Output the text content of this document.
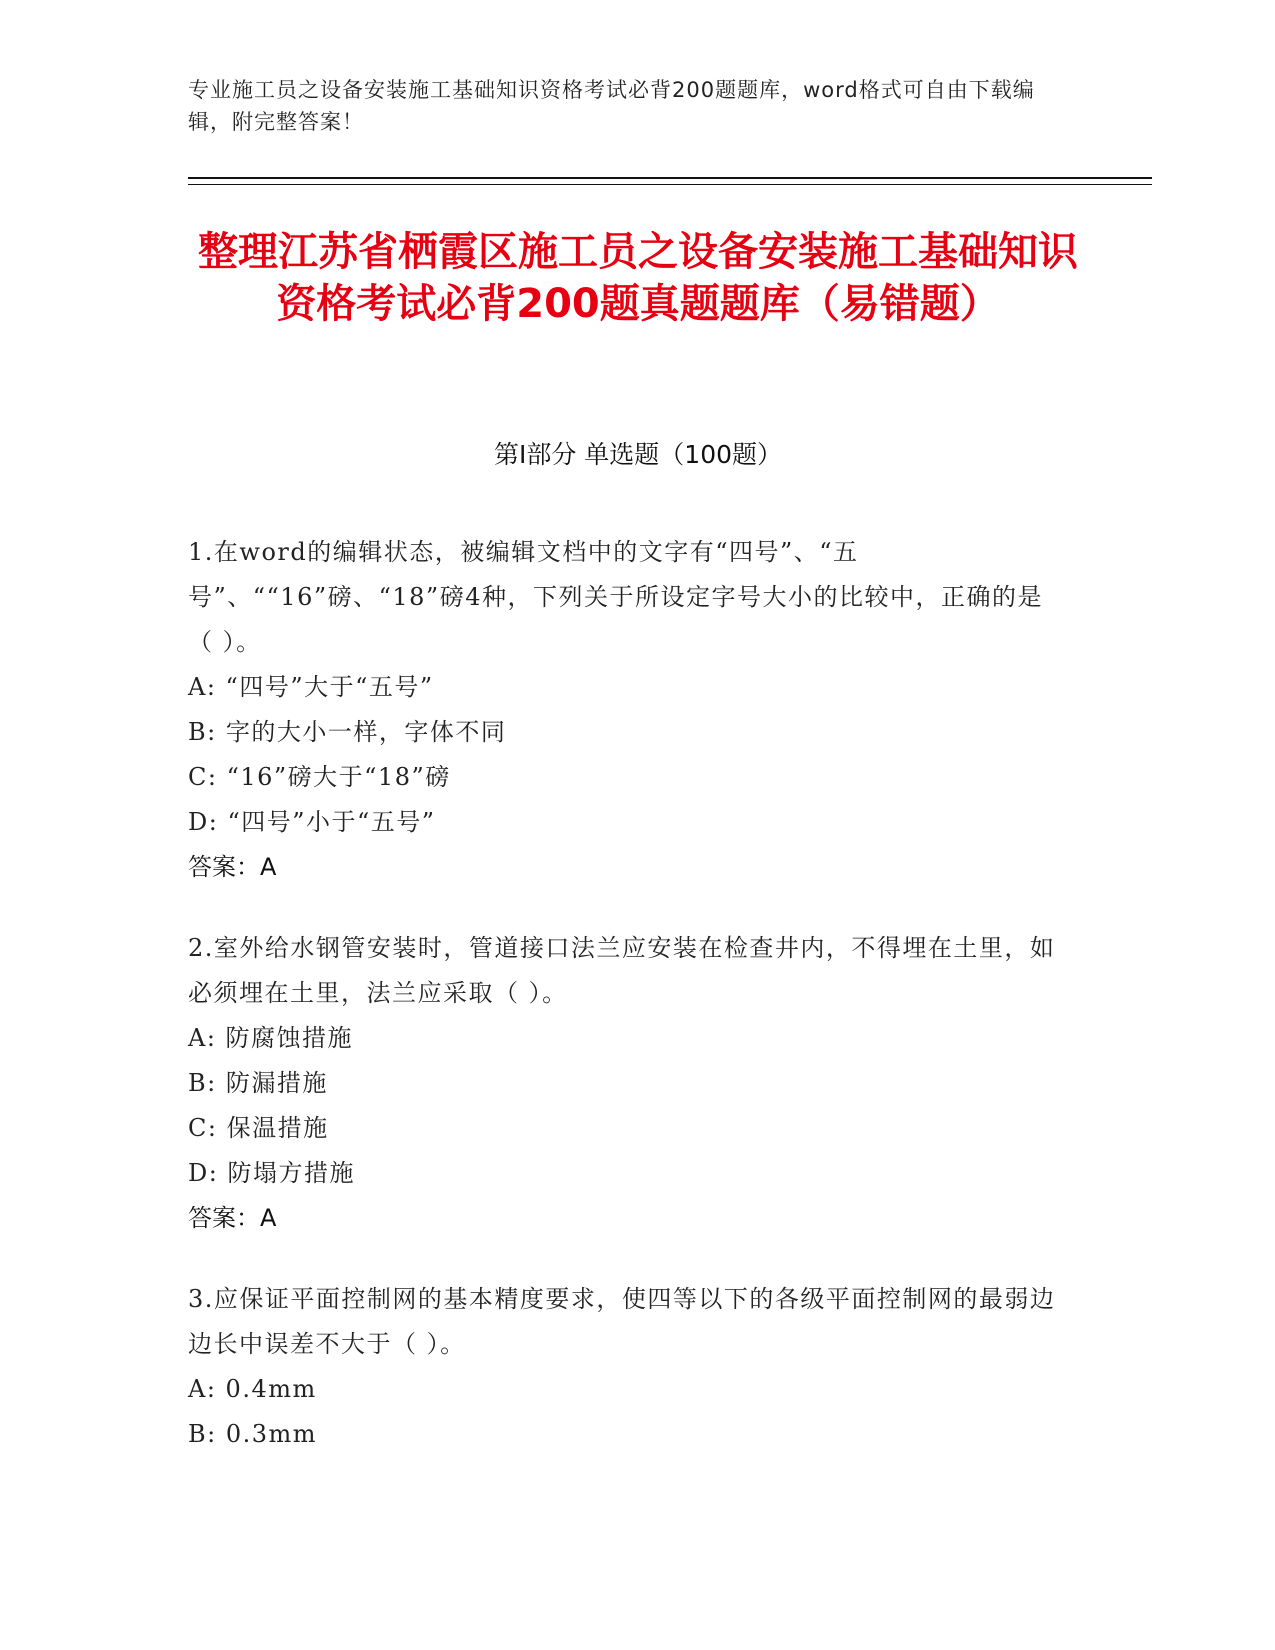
专业施工员之设备安装施工基础知识资格考试必背200题题库，word格式可自由下载编辑，附完整答案！
整理江苏省栖霞区施工员之设备安装施工基础知识资格考试必背200题真题题库（易错题）
第Ⅰ部分 单选题（100题）
1.在word的编辑状态，被编辑文档中的文字有“四号”、“五号”、““16”磅、“18”磅4种，下列关于所设定字号大小的比较中，正确的是（ ）。
A: “四号”大于“五号”
B: 字的大小一样，字体不同
C: “16”磅大于“18”磅
D: “四号”小于“五号”
答案：A
2.室外给水钢管安装时，管道接口法兰应安装在检查井内，不得埋在土里，如必须埋在土里，法兰应采取（ ）。
A: 防腐蚀措施
B: 防漏措施
C: 保温措施
D: 防塌方措施
答案：A
3.应保证平面控制网的基本精度要求，使四等以下的各级平面控制网的最弱边边长中误差不大于（ ）。
A: 0.4mm
B: 0.3mm
